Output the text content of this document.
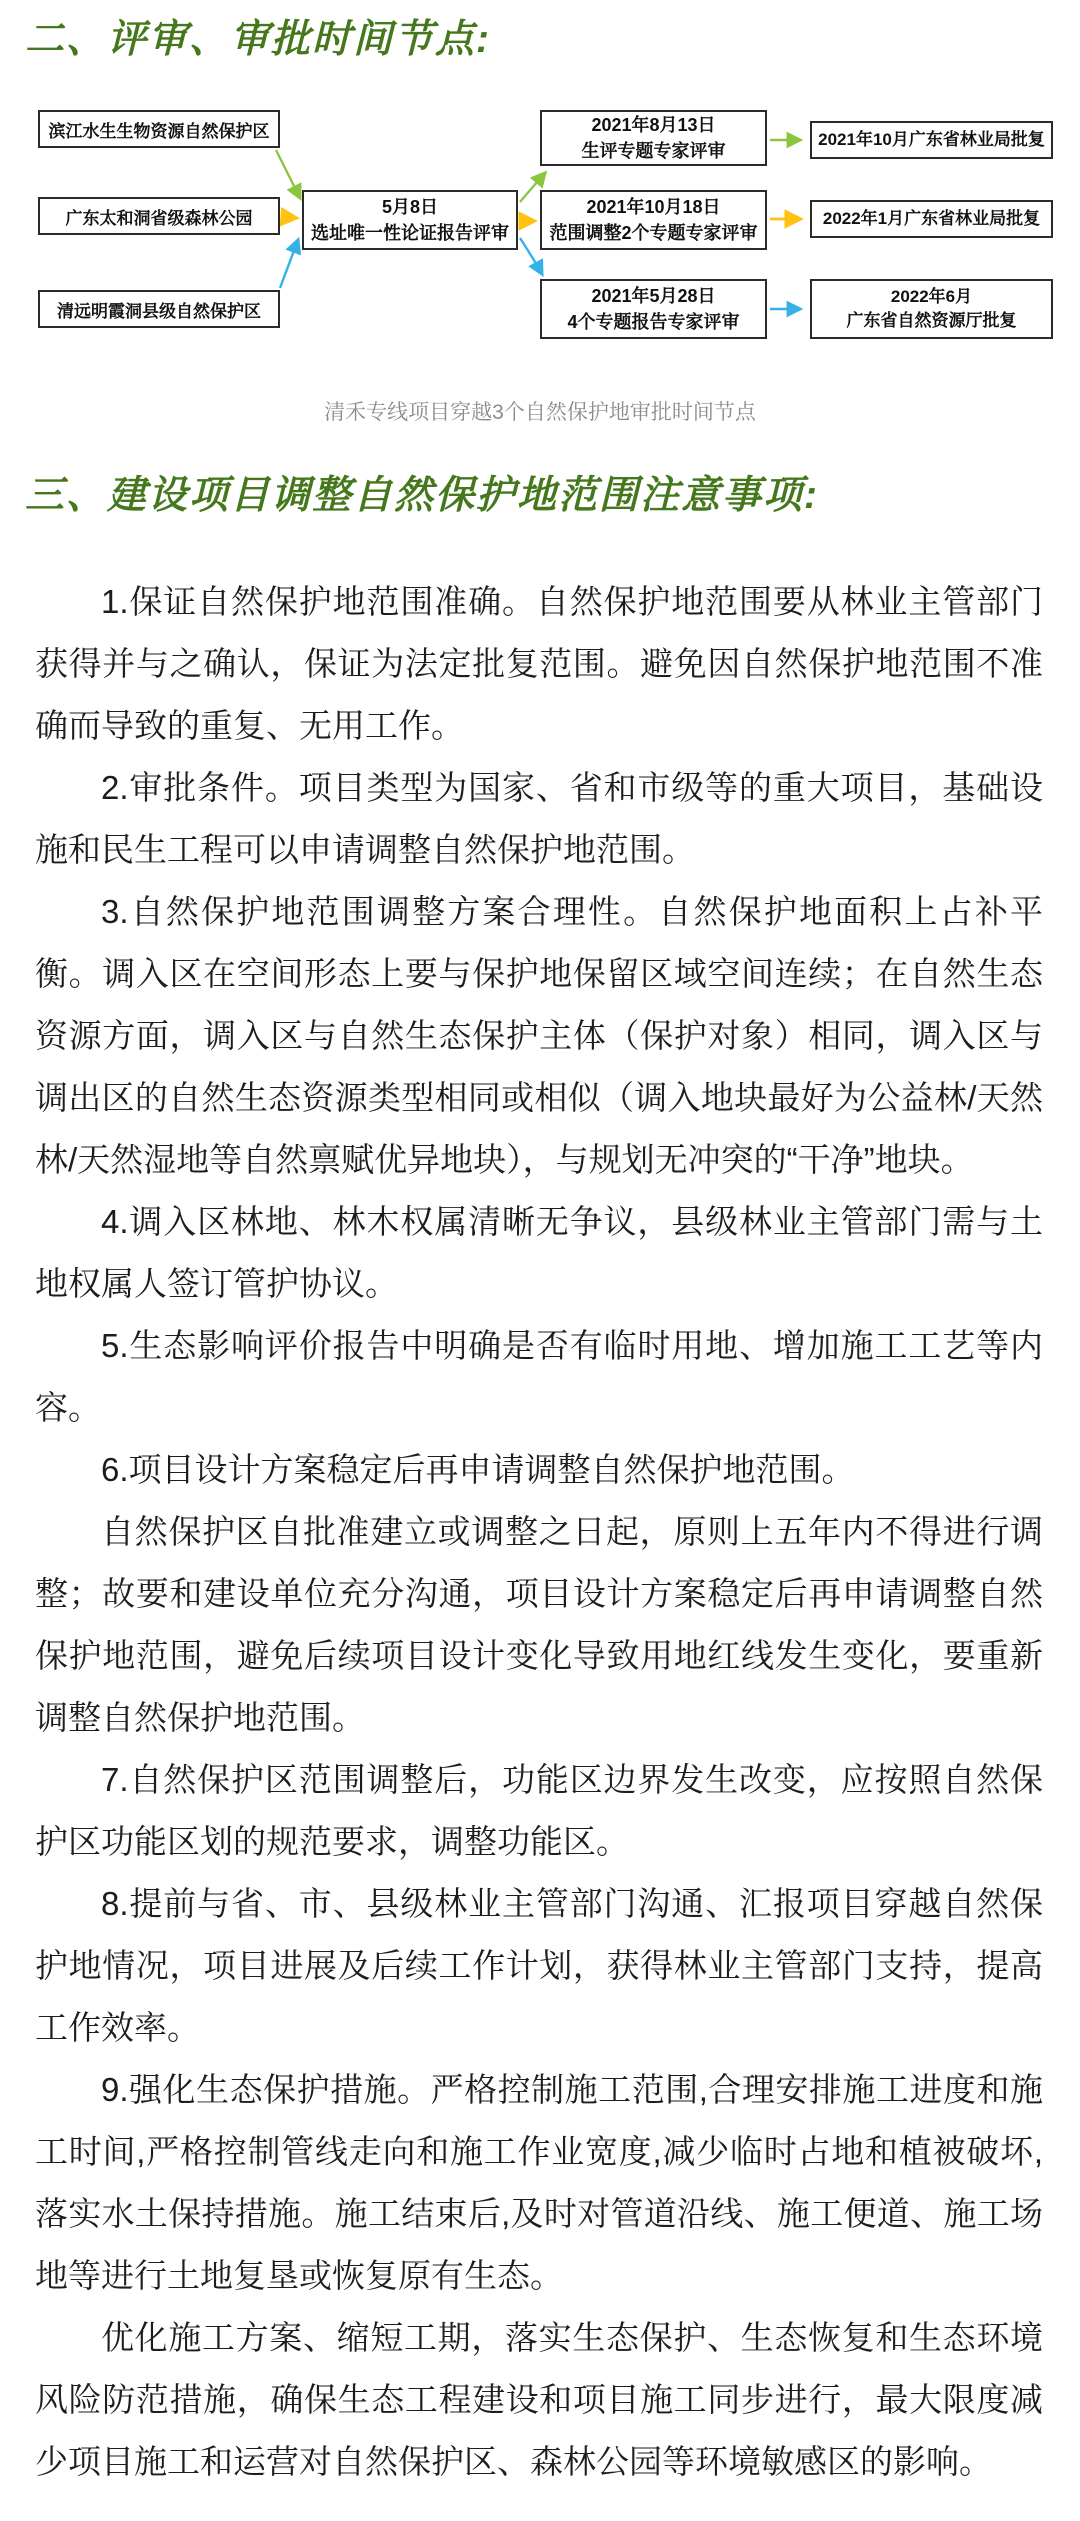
二、评审、审批时间节点:
滨江水生生物资源自然保护区
广东太和洞省级森林公园
清远明霞洞县级自然保护区
5月8日
选址唯一性论证报告评审
2021年8月13日
生评专题专家评审
2021年10月18日
范围调整2个专题专家评审
2021年5月28日
4个专题报告专家评审
2021年10月广东省林业局批复
2022年1月广东省林业局批复
2022年6月
广东省自然资源厅批复
清禾专线项目穿越3个自然保护地审批时间节点
三、建设项目调整自然保护地范围注意事项:

1.保证自然保护地范围准确。自然保护地范围要从林业主管部门获得并与之确认，保证为法定批复范围。避免因自然保护地范围不准确而导致的重复、无用工作。

2.审批条件。项目类型为国家、省和市级等的重大项目，基础设施和民生工程可以申请调整自然保护地范围。

3.自然保护地范围调整方案合理性。自然保护地面积上占补平衡。调入区在空间形态上要与保护地保留区域空间连续；在自然生态资源方面，调入区与自然生态保护主体（保护对象）相同，调入区与调出区的自然生态资源类型相同或相似（调入地块最好为公益林/天然林/天然湿地等自然禀赋优异地块），与规划无冲突的“干净”地块。

4.调入区林地、林木权属清晰无争议，县级林业主管部门需与土地权属人签订管护协议。

5.生态影响评价报告中明确是否有临时用地、增加施工工艺等内容。

6.项目设计方案稳定后再申请调整自然保护地范围。

自然保护区自批准建立或调整之日起，原则上五年内不得进行调整；故要和建设单位充分沟通，项目设计方案稳定后再申请调整自然保护地范围，避免后续项目设计变化导致用地红线发生变化，要重新调整自然保护地范围。

7.自然保护区范围调整后，功能区边界发生改变，应按照自然保护区功能区划的规范要求，调整功能区。

8.提前与省、市、县级林业主管部门沟通、汇报项目穿越自然保护地情况，项目进展及后续工作计划，获得林业主管部门支持，提高工作效率。

9.强化生态保护措施。严格控制施工范围,合理安排施工进度和施工时间,严格控制管线走向和施工作业宽度,减少临时占地和植被破坏,落实水土保持措施。施工结束后,及时对管道沿线、施工便道、施工场地等进行土地复垦或恢复原有生态。

优化施工方案、缩短工期，落实生态保护、生态恢复和生态环境风险防范措施，确保生态工程建设和项目施工同步进行，最大限度减少项目施工和运营对自然保护区、森林公园等环境敏感区的影响。
